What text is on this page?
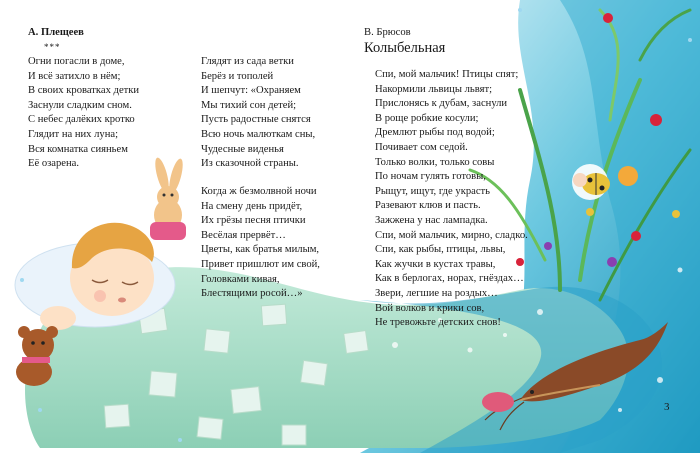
А. Плещеев
***
Огни погасли в доме,
И всё затихло в нём;
В своих кроватках детки
Заснули сладким сном.
С небес далёких кротко
Глядит на них луна;
Вся комнатка сияньем
Её озарена.
Глядят из сада ветки
Берёз и тополей
И шепчут: «Охраняем
Мы тихий сон детей;
Пусть радостные снятся
Всю ночь малюткам сны,
Чудесные виденья
Из сказочной страны.
Когда ж безмолвной ночи
На смену день придёт,
Их грёзы песня птички
Весёлая прервёт…
Цветы, как братья милым,
Привет пришлют им свой,
Головками кивая,
Блестящими росой…»
В. Брюсов
Колыбельная
Спи, мой мальчик! Птицы спят;
Накормили львицы львят;
Прислонясь к дубам, заснули
В роще робкие косули;
Дремлют рыбы под водой;
Почивает сом седой.
Только волки, только совы
По ночам гулять готовы,
Рыщут, ищут, где украсть
Разевают клюв и пасть.
Зажжена у нас лампадка.
Спи, мой мальчик, мирно, сладко.
Спи, как рыбы, птицы, львы,
Как жучки в кустах травы,
Как в берлогах, норах, гнёздах…
Звери, легшие на роздых…
Вой волков и крики сов,
Не тревожьте детских снов!
3
